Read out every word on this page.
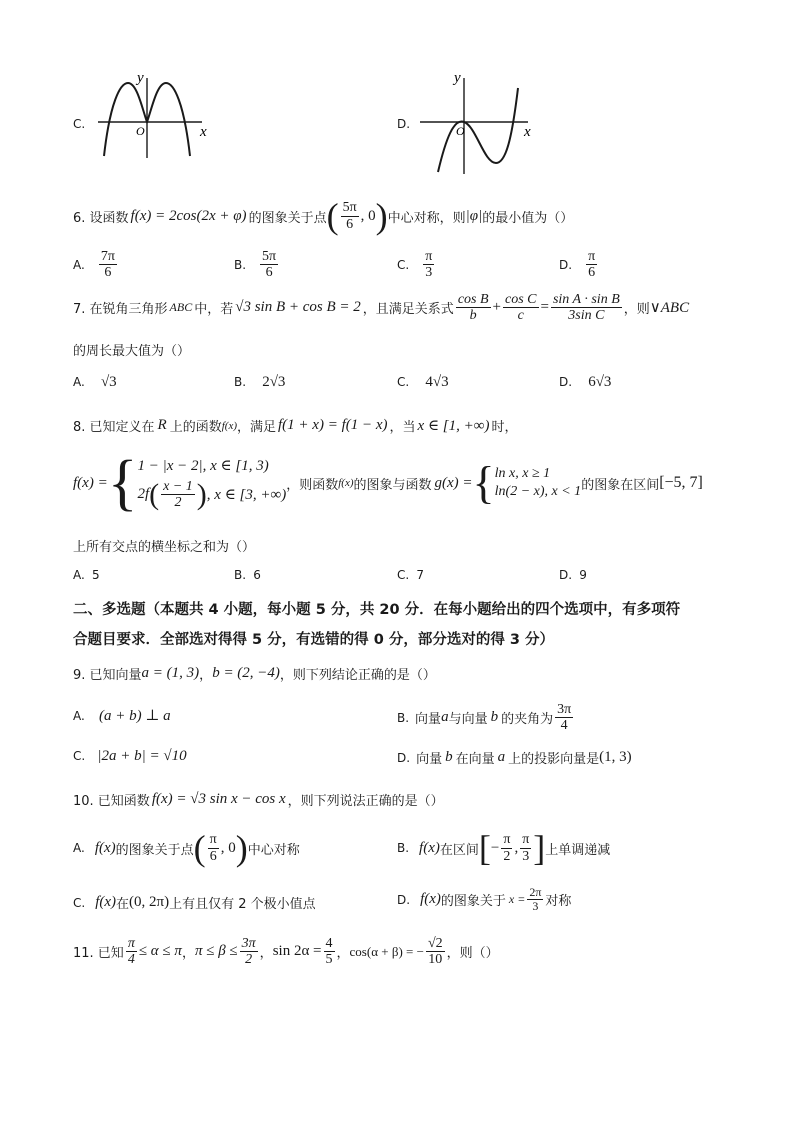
C.
y
x
O	D.
y
x
O
6. 设函数 f(x) = 2cos(2x + φ) 的图象关于点 ( $\frac{5\pi}{6}$ , 0 ) 中心对称，则 |φ| 的最小值为（）
A. $\frac{7\pi}{6}$	B. $\frac{5\pi}{6}$	C. $\frac{\pi}{3}$	D. $\frac{\pi}{6}$
7. 在锐角三角形 ABC 中，若 √3 sin B + cos B = 2 ，且满足关系式 $\frac{\text{cos B}}{b} + \frac{\text{cos C}}{c} = \frac{\text{sin A · sin B}}{\text{3sin C}}$ ，则 ∨ABC
的周长最大值为（）
A. √3	B. 2√3	C. 4√3	D. 6√3
8. 已知定义在 R 上的函数 f(x) ，满足 f(1 + x) = f(1 − x) ，当 x ∈ [1, +∞) 时，
f(x) = { 1 − |x − 2|, x ∈ [1, 3)
2f ( $\frac{x - 1}{2}$ ) , x ∈ [3, +∞)
，则函数 f(x) 的图象与函数 g(x) = { ln x, x ≥ 1
ln(2 − x), x < 1 的图象在区间 [−5, 7]
上所有交点的横坐标之和为（）
A. 5	B. 6	C. 7	D. 9
二、多选题（本题共 4 小题，每小题 5 分，共 20 分．在每小题给出的四个选项中，有多项符
合题目要求．全部选对得得 5 分，有选错的得 0 分，部分选对的得 3 分）
9. 已知向量 a = (1, 3) ， b = (2, −4) ，则下列结论正确的是（）
A. (a + b) ⊥ a	B. 向量 a 与向量 b 的夹角为 $\frac{3\pi}{4}$
C. |2a + b| = √10	D. 向量 b 在向量 a 上的投影向量是 (1, 3)
10. 已知函数 f(x) = √3 sin x − cos x ，则下列说法正确的是（）
A. f(x) 的图象关于点 ( $\frac{\pi}{6}$ , 0 ) 中心对称	B. f(x) 在区间 [ − $\frac{\pi}{2}$ , $\frac{\pi}{3}$ ] 上单调递减
C. f(x) 在 (0, 2π) 上有且仅有 2 个极小值点	D. f(x) 的图象关于 $x = \frac{2\pi}{3}$ 对称
11. 已知 $\frac{\pi}{4} \le \alpha \le \pi$ ， $\pi \le \beta \le \frac{3\pi}{2}$ ， $\sin 2\alpha = \frac{4}{5}$ ， cos(α + β) = − $\frac{√2}{10}$ ，则（）
